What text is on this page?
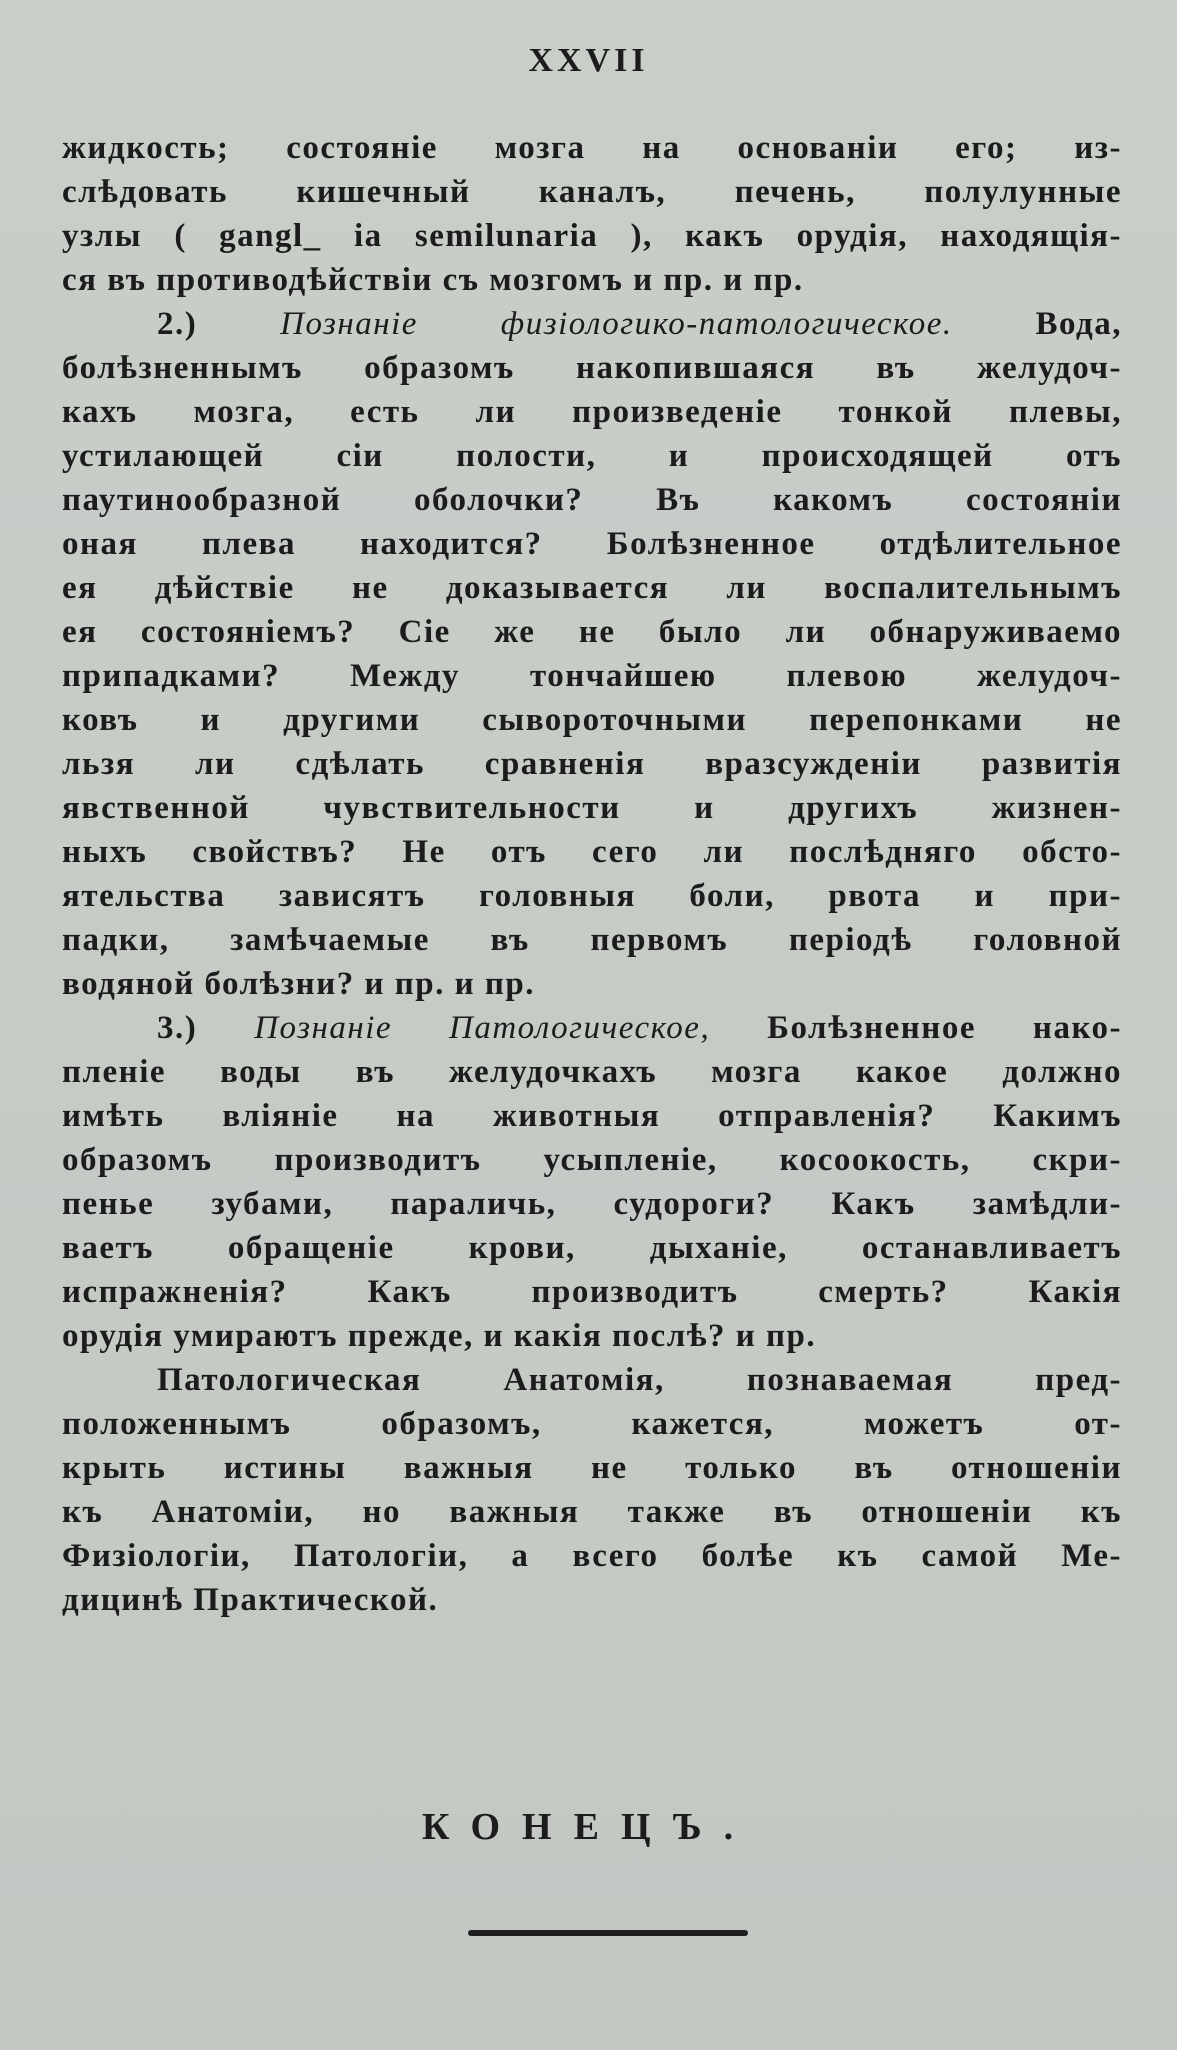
XXVII
жидкость; состояніе мозга на основаніи его; из-
слѣдовать кишечный каналъ, печень, полулунные
узлы ( gangl_ ia semilunaria ), какъ орудія, находящія-
ся въ противодѣйствіи съ мозгомъ и пр. и пр.
2.)	Познаніе физіологико-патологическое.	Вода,
болѣзненнымъ образомъ накопившаяся въ желудоч-
кахъ мозга, есть ли произведеніе тонкой плевы,
устилающей сіи полости, и происходящей отъ
паутинообразной оболочки? Въ какомъ состояніи
оная плева находится? Болѣзненное отдѣлительное
ея дѣйствіе не доказывается ли воспалительнымъ
ея состояніемъ? Сіе же не было ли обнаруживаемо
припадками? Между тончайшею плевою желудоч-
ковъ и другими сывороточными перепонками не
льзя ли сдѣлать сравненія вразсужденіи развитія
явственной чувствительности и другихъ жизнен-
ныхъ свойствъ? Не отъ сего ли послѣдняго обсто-
ятельства зависятъ головныя боли, рвота и при-
падки, замѣчаемые въ первомъ періодѣ головной
водяной болѣзни? и пр. и пр.
3.) Познаніе Патологическое, Болѣзненное нако-
пленіе воды въ желудочкахъ мозга какое должно
имѣть вліяніе на животныя отправленія? Какимъ
образомъ производитъ усыпленіе, косоокость, скри-
пенье зубами, параличь, судороги? Какъ замѣдли-
ваетъ обращеніе крови, дыханіе, останавливаетъ
испражненія? Какъ производитъ смерть? Какія
орудія умираютъ прежде, и какія послѣ? и пр.
Патологическая Анатомія, познаваемая пред-
положеннымъ образомъ, кажется, можетъ от-
крыть истины важныя не только въ отношеніи
къ Анатоміи, но важныя также въ отношеніи къ
Физіологіи, Патологіи, а всего болѣе къ самой Ме-
дицинѣ Практической.
КОНЕЦЪ.
